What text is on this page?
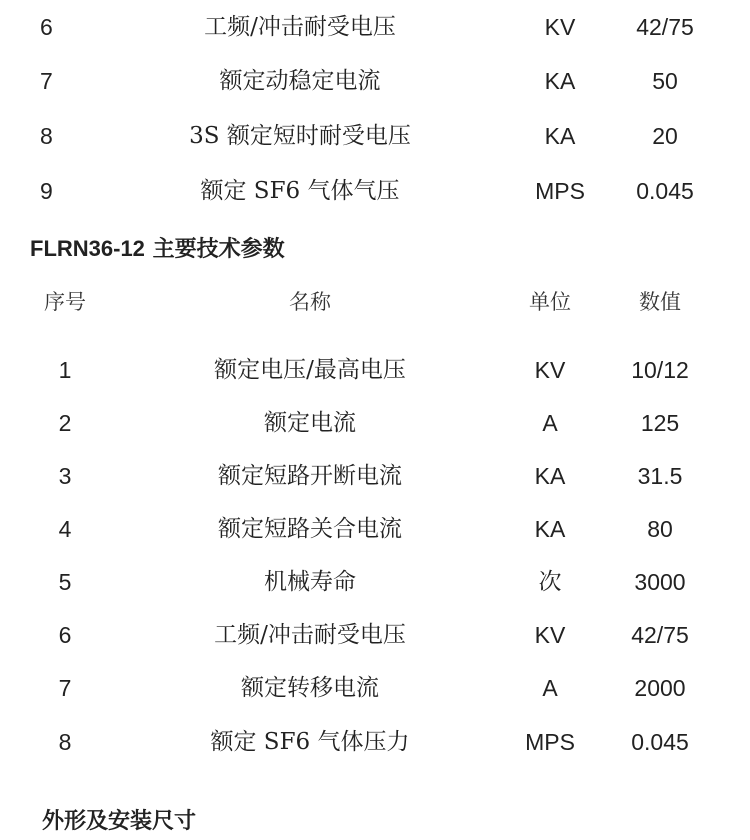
6	工频/冲击耐受电压	KV	42/75
7	额定动稳定电流	KA	50
8	3S 额定短时耐受电压	KA	20
9	额定 SF6 气体气压	MPS	0.045
FLRN36-12 主要技术参数
序号	名称	单位	数值
1	额定电压/最高电压	KV	10/12
2	额定电流	A	125
3	额定短路开断电流	KA	31.5
4	额定短路关合电流	KA	80
5	机械寿命	次	3000
6	工频/冲击耐受电压	KV	42/75
7	额定转移电流	A	2000
8	额定 SF6 气体压力	MPS	0.045
外形及安装尺寸
